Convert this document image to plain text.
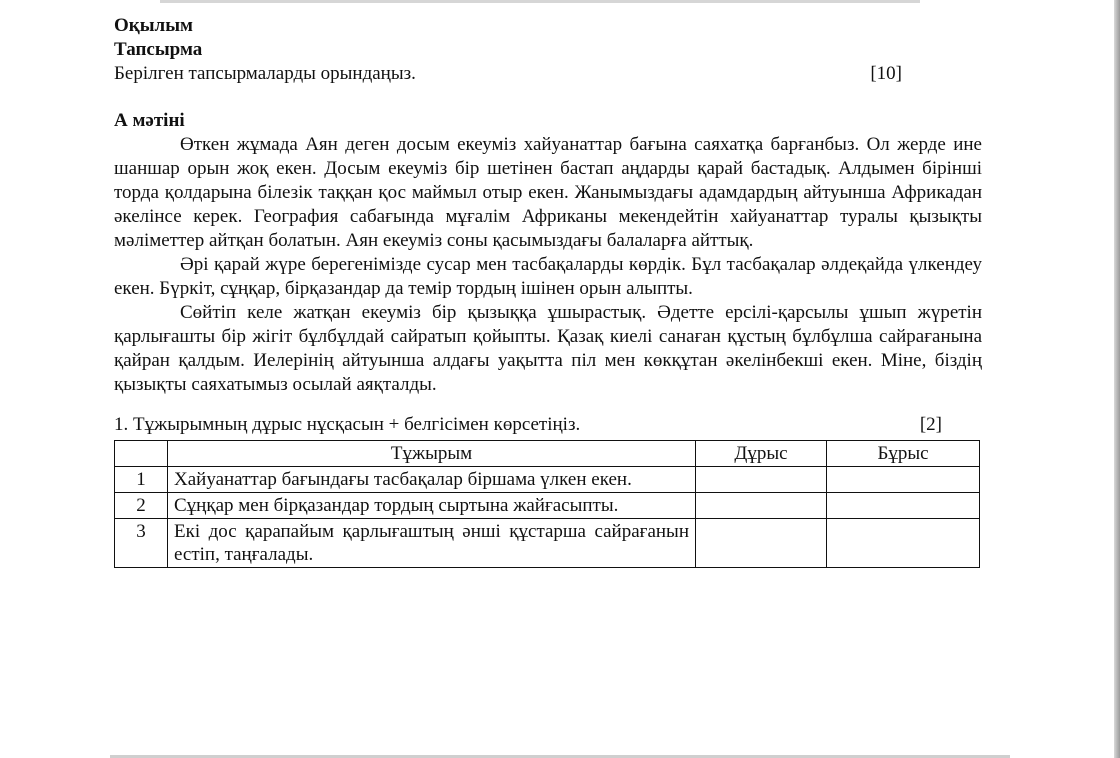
Оқылым
Тапсырма
Берілген тапсырмаларды орындаңыз.	[10]
А мәтіні

Өткен жұмада Аян деген досым екеуміз хайуанаттар бағына саяхатқа барғанбыз. Ол жерде ине шаншар орын жоқ екен. Досым екеуміз бір шетінен бастап аңдарды қарай бастадық. Алдымен бірінші торда қолдарына білезік таққан қос маймыл отыр екен. Жанымыздағы адамдардың айтуынша Африкадан әкелінсе керек. География сабағында мұғалім Африканы мекендейтін хайуанаттар туралы қызықты мәліметтер айтқан болатын. Аян екеуміз соны қасымыздағы балаларға айттық.

Әрі қарай жүре берегенімізде сусар мен тасбақаларды көрдік. Бұл тасбақалар әлдеқайда үлкендеу екен. Бүркіт, сұңқар, бірқазандар да темір тордың ішінен орын алыпты.

Сөйтіп келе жатқан екеуміз бір қызыққа ұшырастық. Әдетте ерсілі-қарсылы ұшып жүретін қарлығашты бір жігіт бұлбұлдай сайратып қойыпты. Қазақ киелі санаған құстың бұлбұлша сайрағанына қайран қалдым. Иелерінің айтуынша алдағы уақытта піл мен көкқұтан әкелінбекші екен. Міне, біздің қызықты саяхатымыз осылай аяқталды.

1. Тұжырымның дұрыс нұсқасын + белгісімен көрсетіңіз.	[2]
	Тұжырым	Дұрыс	Бұрыс
1	Хайуанаттар бағындағы тасбақалар біршама үлкен екен.		
2	Сұңқар мен бірқазандар тордың сыртына жайғасыпты.		
3	Екі дос қарапайым қарлығаштың әнші құстарша сайрағанын естіп, таңғалады.		
